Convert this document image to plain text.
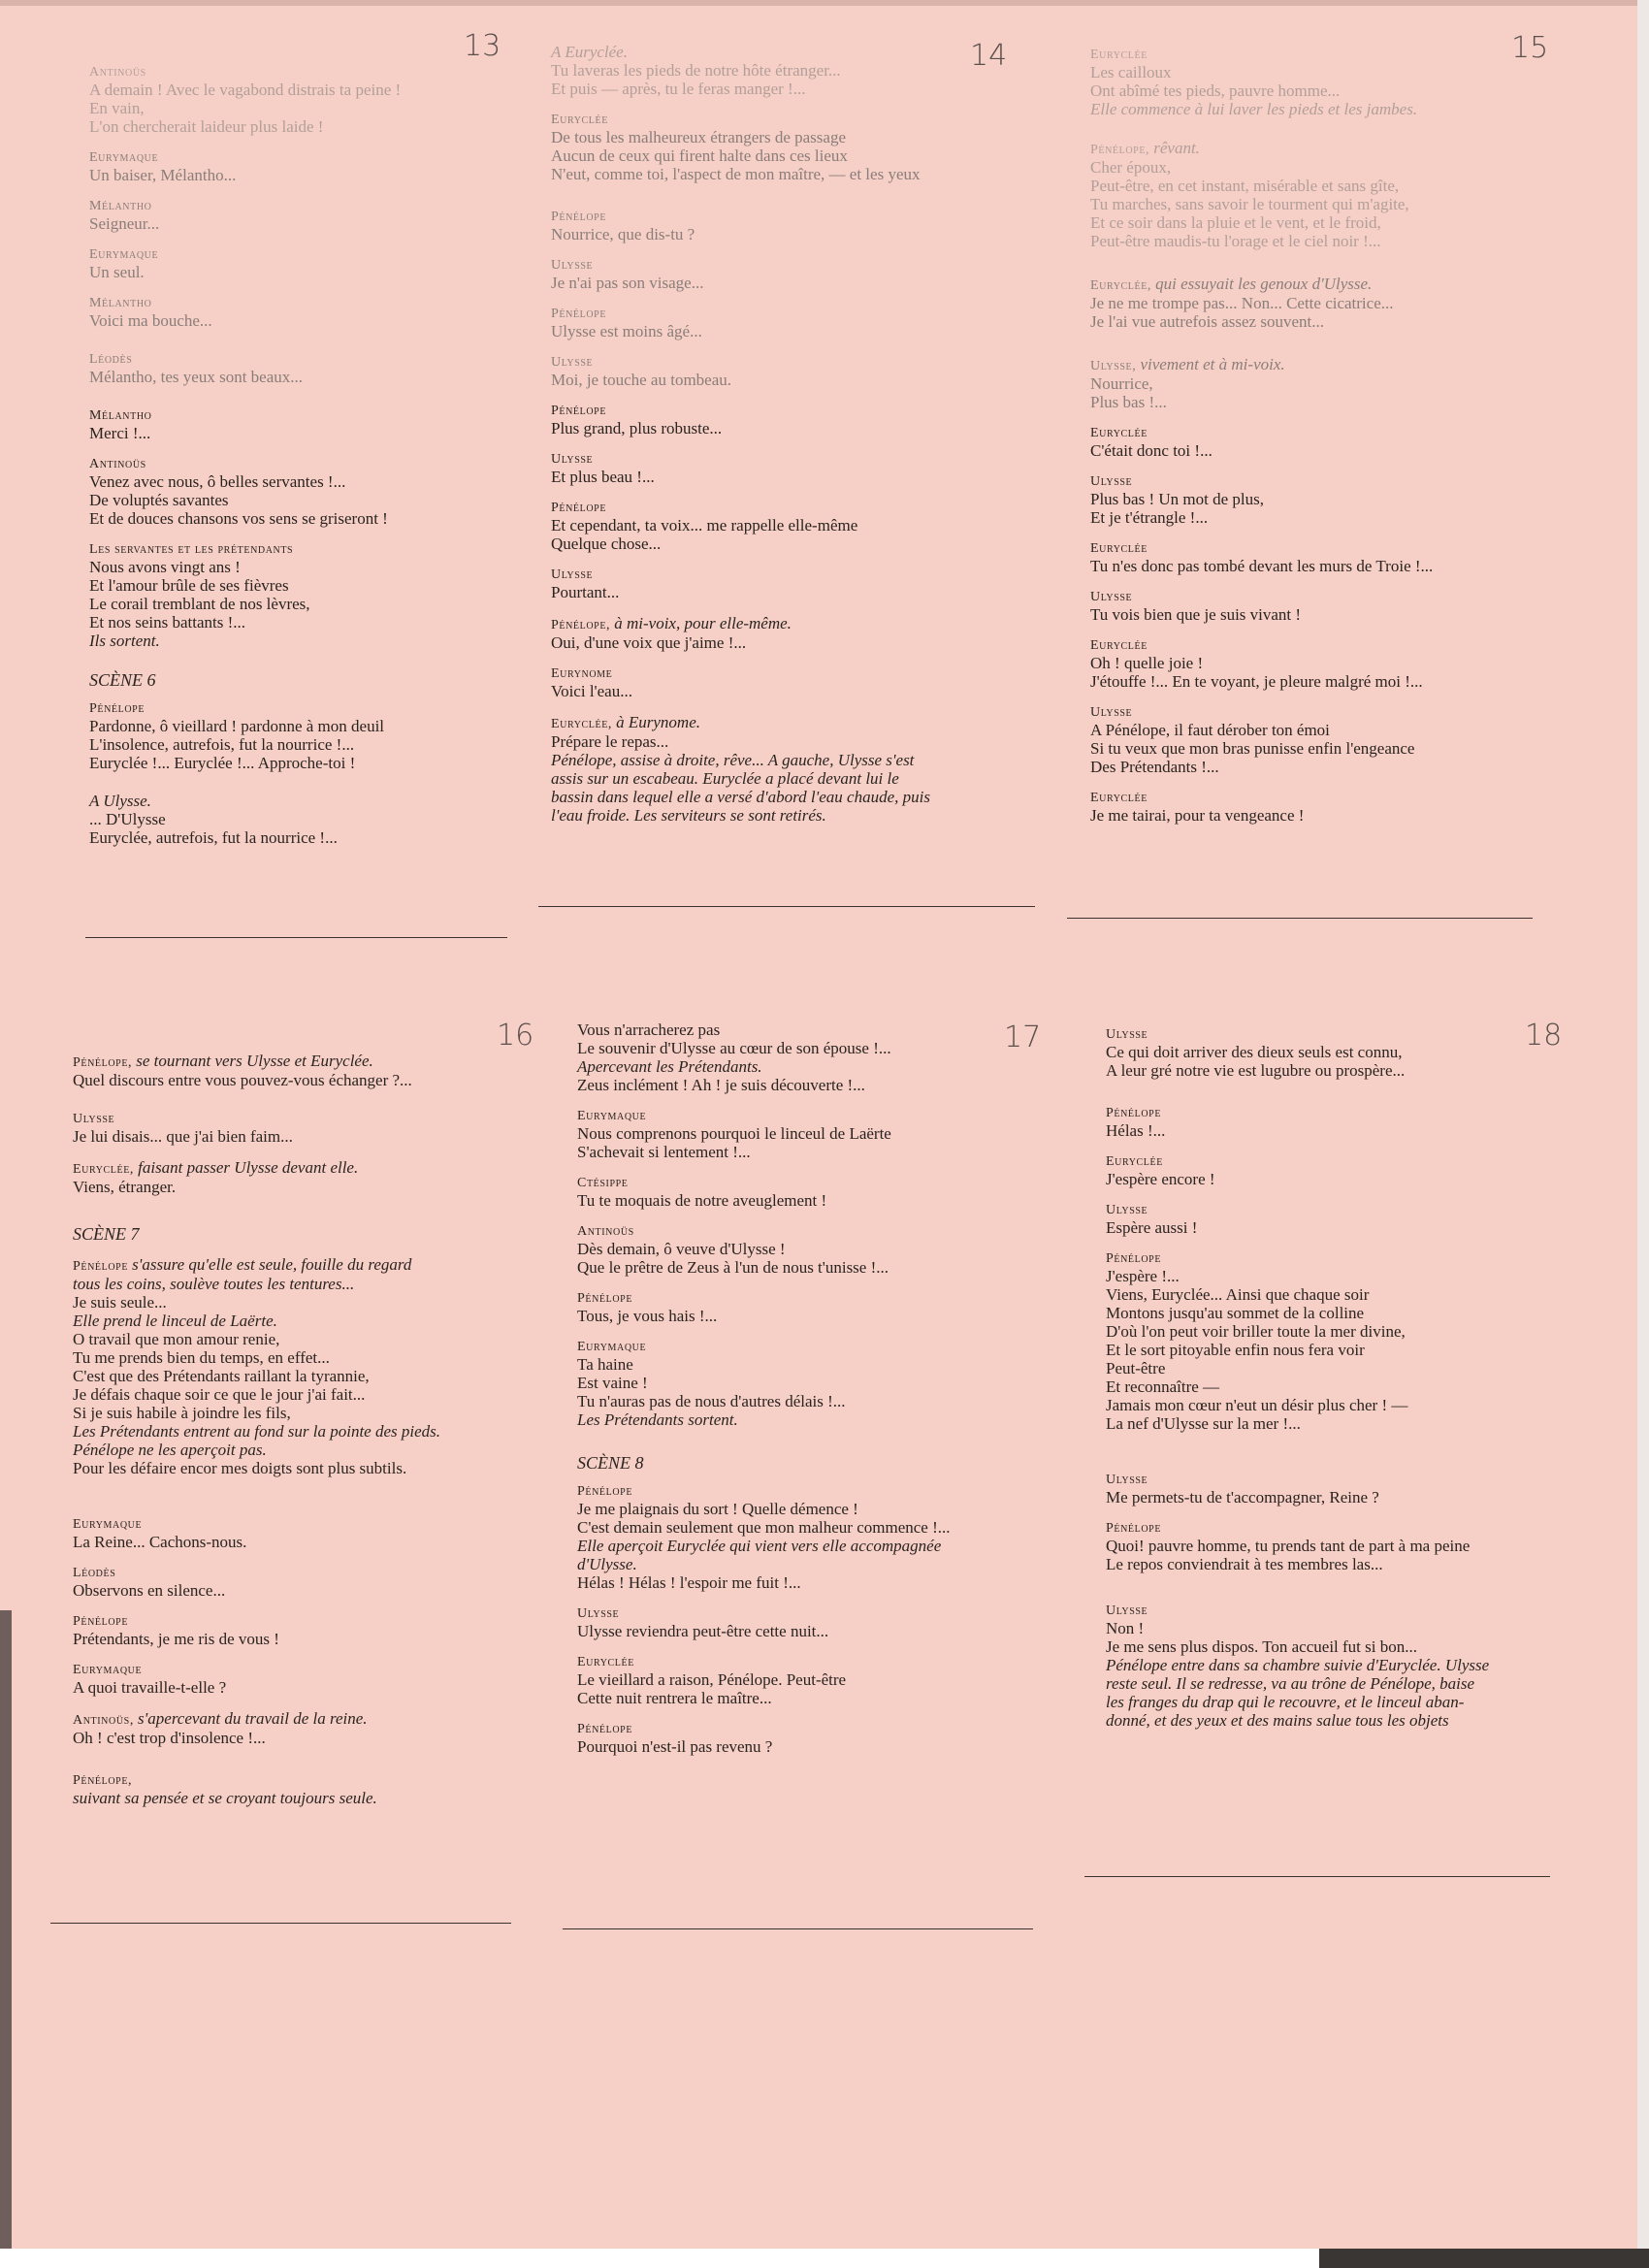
13	14	15
16	17	18
Antinoüs
A demain ! Avec le vagabond distrais ta peine !
En vain,
L'on chercherait laideur plus laide !
Eurymaque
Un baiser, Mélantho...
Mélantho
Seigneur...
Eurymaque
Un seul.
Mélantho
Voici ma bouche...
Léodès
Mélantho, tes yeux sont beaux...
Mélantho
Merci !...
Antinoüs
Venez avec nous, ô belles servantes !...
De voluptés savantes
Et de douces chansons vos sens se griseront !
Les servantes et les prétendants
Nous avons vingt ans !
Et l'amour brûle de ses fièvres
Le corail tremblant de nos lèvres,
Et nos seins battants !...
Ils sortent.
SCÈNE 6
Pénélope
Pardonne, ô vieillard ! pardonne à mon deuil
L'insolence, autrefois, fut la nourrice !...
Euryclée !... Euryclée !... Approche-toi !
A Ulysse.
... D'Ulysse
Euryclée, autrefois, fut la nourrice !...
A Euryclée.
Tu laveras les pieds de notre hôte étranger...
Et puis — après, tu le feras manger !...
Euryclée
De tous les malheureux étrangers de passage
Aucun de ceux qui firent halte dans ces lieux
N'eut, comme toi, l'aspect de mon maître, — et les yeux
Pénélope
Nourrice, que dis-tu ?
Ulysse
Je n'ai pas son visage...
Pénélope
Ulysse est moins âgé...
Ulysse
Moi, je touche au tombeau.
Pénélope
Plus grand, plus robuste...
Ulysse
Et plus beau !...
Pénélope
Et cependant, ta voix... me rappelle elle-même
Quelque chose...
Ulysse
Pourtant...
Pénélope, à mi-voix, pour elle-même.
Oui, d'une voix que j'aime !...
Eurynome
Voici l'eau...
Euryclée, à Eurynome.
Prépare le repas...
Pénélope, assise à droite, rêve... A gauche, Ulysse s'est
assis sur un escabeau. Euryclée a placé devant lui le
bassin dans lequel elle a versé d'abord l'eau chaude, puis
l'eau froide. Les serviteurs se sont retirés.
Euryclée
Les cailloux
Ont abîmé tes pieds, pauvre homme...
Elle commence à lui laver les pieds et les jambes.
Pénélope, rêvant.
Cher époux,
Peut-être, en cet instant, misérable et sans gîte,
Tu marches, sans savoir le tourment qui m'agite,
Et ce soir dans la pluie et le vent, et le froid,
Peut-être maudis-tu l'orage et le ciel noir !...
Euryclée, qui essuyait les genoux d'Ulysse.
Je ne me trompe pas... Non... Cette cicatrice...
Je l'ai vue autrefois assez souvent...
Ulysse, vivement et à mi-voix.
Nourrice,
Plus bas !...
Euryclée
C'était donc toi !...
Ulysse
Plus bas ! Un mot de plus,
Et je t'étrangle !...
Euryclée
Tu n'es donc pas tombé devant les murs de Troie !...
Ulysse
Tu vois bien que je suis vivant !
Euryclée
Oh ! quelle joie !
J'étouffe !... En te voyant, je pleure malgré moi !...
Ulysse
A Pénélope, il faut dérober ton émoi
Si tu veux que mon bras punisse enfin l'engeance
Des Prétendants !...
Euryclée
Je me tairai, pour ta vengeance !
Pénélope, se tournant vers Ulysse et Euryclée.
Quel discours entre vous pouvez-vous échanger ?...
Ulysse
Je lui disais... que j'ai bien faim...
Euryclée, faisant passer Ulysse devant elle.
Viens, étranger.
SCÈNE 7
Pénélope s'assure qu'elle est seule, fouille du regard
tous les coins, soulève toutes les tentures...
Je suis seule...
Elle prend le linceul de Laërte.
O travail que mon amour renie,
Tu me prends bien du temps, en effet...
C'est que des Prétendants raillant la tyrannie,
Je défais chaque soir ce que le jour j'ai fait...
Si je suis habile à joindre les fils,
Les Prétendants entrent au fond sur la pointe des pieds.
Pénélope ne les aperçoit pas.
Pour les défaire encor mes doigts sont plus subtils.
Eurymaque
La Reine... Cachons-nous.
Léodès
Observons en silence...
Pénélope
Prétendants, je me ris de vous !
Eurymaque
A quoi travaille-t-elle ?
Antinoüs, s'apercevant du travail de la reine.
Oh ! c'est trop d'insolence !...
Pénélope,
suivant sa pensée et se croyant toujours seule.
Vous n'arracherez pas
Le souvenir d'Ulysse au cœur de son épouse !...
Apercevant les Prétendants.
Zeus inclément ! Ah ! je suis découverte !...
Eurymaque
Nous comprenons pourquoi le linceul de Laërte
S'achevait si lentement !...
Ctésippe
Tu te moquais de notre aveuglement !
Antinoüs
Dès demain, ô veuve d'Ulysse !
Que le prêtre de Zeus à l'un de nous t'unisse !...
Pénélope
Tous, je vous hais !...
Eurymaque
Ta haine
Est vaine !
Tu n'auras pas de nous d'autres délais !...
Les Prétendants sortent.
SCÈNE 8
Pénélope
Je me plaignais du sort ! Quelle démence !
C'est demain seulement que mon malheur commence !...
Elle aperçoit Euryclée qui vient vers elle accompagnée
d'Ulysse.
Hélas ! Hélas ! l'espoir me fuit !...
Ulysse
Ulysse reviendra peut-être cette nuit...
Euryclée
Le vieillard a raison, Pénélope. Peut-être
Cette nuit rentrera le maître...
Pénélope
Pourquoi n'est-il pas revenu ?
Ulysse
Ce qui doit arriver des dieux seuls est connu,
A leur gré notre vie est lugubre ou prospère...
Pénélope
Hélas !...
Euryclée
J'espère encore !
Ulysse
Espère aussi !
Pénélope
J'espère !...
Viens, Euryclée... Ainsi que chaque soir
Montons jusqu'au sommet de la colline
D'où l'on peut voir briller toute la mer divine,
Et le sort pitoyable enfin nous fera voir
Peut-être
Et reconnaître —
Jamais mon cœur n'eut un désir plus cher ! —
La nef d'Ulysse sur la mer !...
Ulysse
Me permets-tu de t'accompagner, Reine ?
Pénélope
Quoi! pauvre homme, tu prends tant de part à ma peine
Le repos conviendrait à tes membres las...
Ulysse
Non !
Je me sens plus dispos. Ton accueil fut si bon...
Pénélope entre dans sa chambre suivie d'Euryclée. Ulysse
reste seul. Il se redresse, va au trône de Pénélope, baise
les franges du drap qui le recouvre, et le linceul aban-
donné, et des yeux et des mains salue tous les objets
